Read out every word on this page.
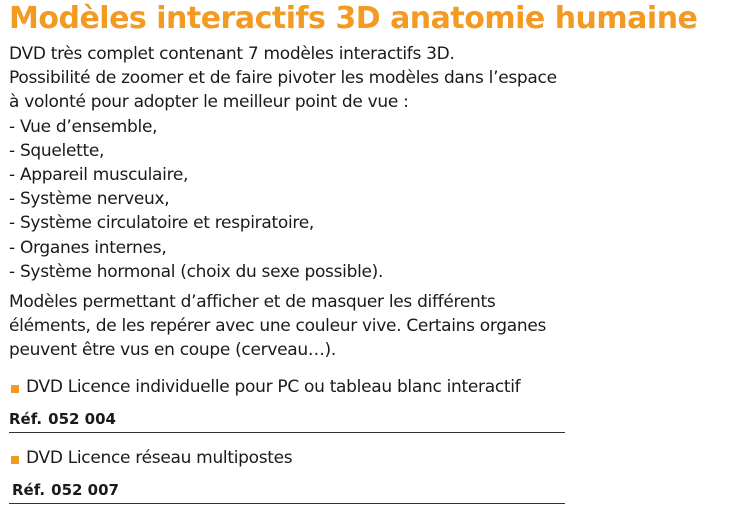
Modèles interactifs 3D anatomie humaine
DVD très complet contenant 7 modèles interactifs 3D.
Possibilité de zoomer et de faire pivoter les modèles dans l’espace
à volonté pour adopter le meilleur point de vue :
- Vue d’ensemble,
- Squelette,
- Appareil musculaire,
- Système nerveux,
- Système circulatoire et respiratoire,
- Organes internes,
- Système hormonal (choix du sexe possible).
Modèles permettant d’afficher et de masquer les différents
éléments, de les repérer avec une couleur vive. Certains organes
peuvent être vus en coupe (cerveau…).
DVD Licence individuelle pour PC ou tableau blanc interactif
Réf. 052 004
DVD Licence réseau multipostes
Réf. 052 007
